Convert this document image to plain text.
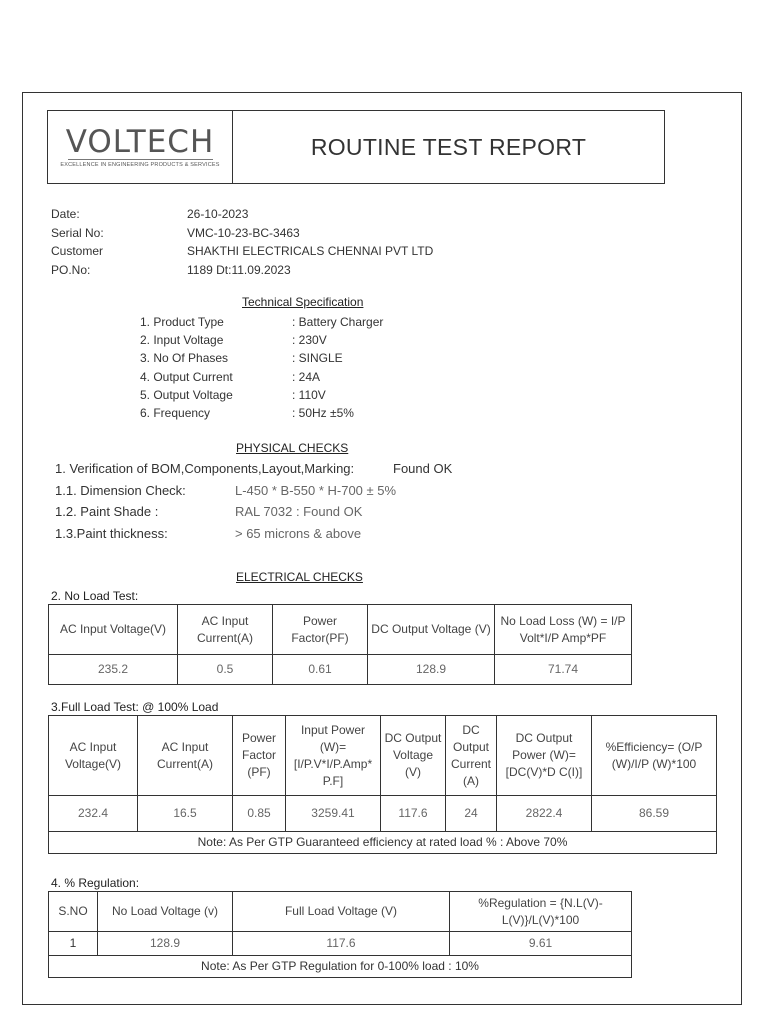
VOLTECH
EXCELLENCE IN ENGINEERING PRODUCTS & SERVICES
ROUTINE TEST REPORT
Date:	26-10-2023
Serial No:	VMC-10-23-BC-3463
Customer	SHAKTHI ELECTRICALS CHENNAI PVT LTD
PO.No:	1189 Dt:11.09.2023
Technical Specification
1. Product Type	: Battery Charger
2. Input Voltage	: 230V
3. No Of Phases	: SINGLE
4. Output Current	: 24A
5. Output Voltage	: 110V
6. Frequency	: 50Hz ±5%
PHYSICAL CHECKS
1. Verification of BOM,Components,Layout,Marking:	Found OK
1.1. Dimension Check:	L-450 * B-550 * H-700 ± 5%
1.2. Paint Shade :	RAL 7032 : Found OK
1.3.Paint thickness:	> 65 microns & above
ELECTRICAL CHECKS
2. No Load Test:
AC Input Voltage(V)	AC Input Current(A)	Power Factor(PF)	DC Output Voltage (V)	No Load Loss (W) = I/P Volt*I/P Amp*PF
235.2	0.5	0.61	128.9	71.74
3.Full Load Test: @ 100% Load
AC Input Voltage(V)	AC Input Current(A)	Power Factor (PF)	Input Power (W)= [I/P.V*I/P.Amp* P.F]	DC Output Voltage (V)	DC Output Current (A)	DC Output Power (W)=[DC(V)*D C(I)]	%Efficiency= (O/P (W)/I/P (W)*100
232.4	16.5	0.85	3259.41	117.6	24	2822.4	86.59
Note: As Per GTP Guaranteed efficiency at rated load % : Above 70%							
4. % Regulation:
S.NO	No Load Voltage (v)	Full Load Voltage (V)	%Regulation = {N.L(V)-L(V)}/L(V)*100
1	128.9	117.6	9.61
Note: As Per GTP Regulation for 0-100% load : 10%			
